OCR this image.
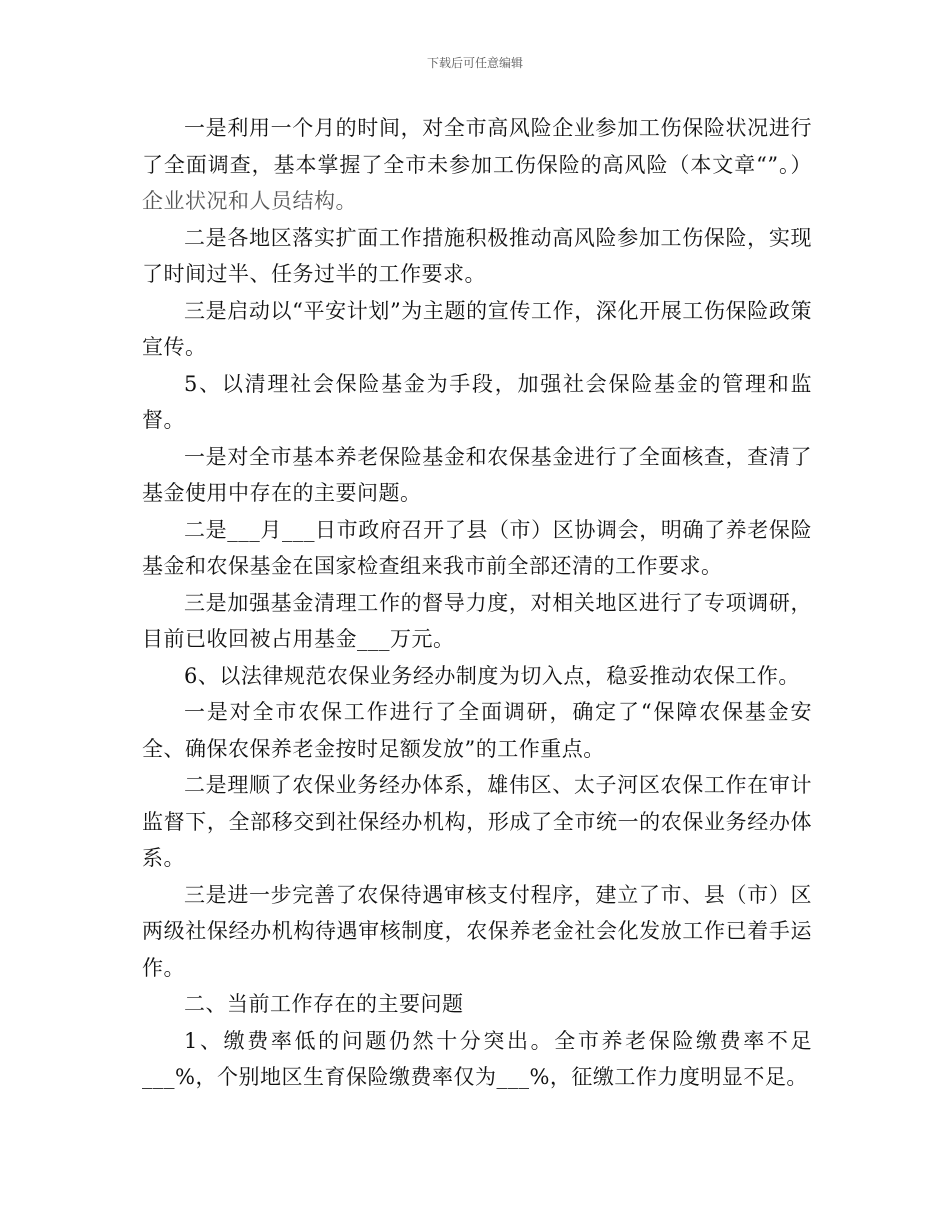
下载后可任意编辑

一是利用一个月的时间，对全市高风险企业参加工伤保险状况进行了全面调查，基本掌握了全市未参加工伤保险的高风险（本文章“”。）企业状况和人员结构。

二是各地区落实扩面工作措施积极推动高风险参加工伤保险，实现了时间过半、任务过半的工作要求。

三是启动以“平安计划”为主题的宣传工作，深化开展工伤保险政策宣传。

5、以清理社会保险基金为手段，加强社会保险基金的管理和监督。

一是对全市基本养老保险基金和农保基金进行了全面核查，查清了基金使用中存在的主要问题。

二是___月___日市政府召开了县（市）区协调会，明确了养老保险基金和农保基金在国家检查组来我市前全部还清的工作要求。

三是加强基金清理工作的督导力度，对相关地区进行了专项调研，目前已收回被占用基金___万元。

6、以法律规范农保业务经办制度为切入点，稳妥推动农保工作。

一是对全市农保工作进行了全面调研，确定了“保障农保基金安全、确保农保养老金按时足额发放”的工作重点。

二是理顺了农保业务经办体系，雄伟区、太子河区农保工作在审计监督下，全部移交到社保经办机构，形成了全市统一的农保业务经办体系。

三是进一步完善了农保待遇审核支付程序，建立了市、县（市）区两级社保经办机构待遇审核制度，农保养老金社会化发放工作已着手运作。

二、当前工作存在的主要问题

1、缴费率低的问题仍然十分突出。全市养老保险缴费率不足___%，个别地区生育保险缴费率仅为___%，征缴工作力度明显不足。
